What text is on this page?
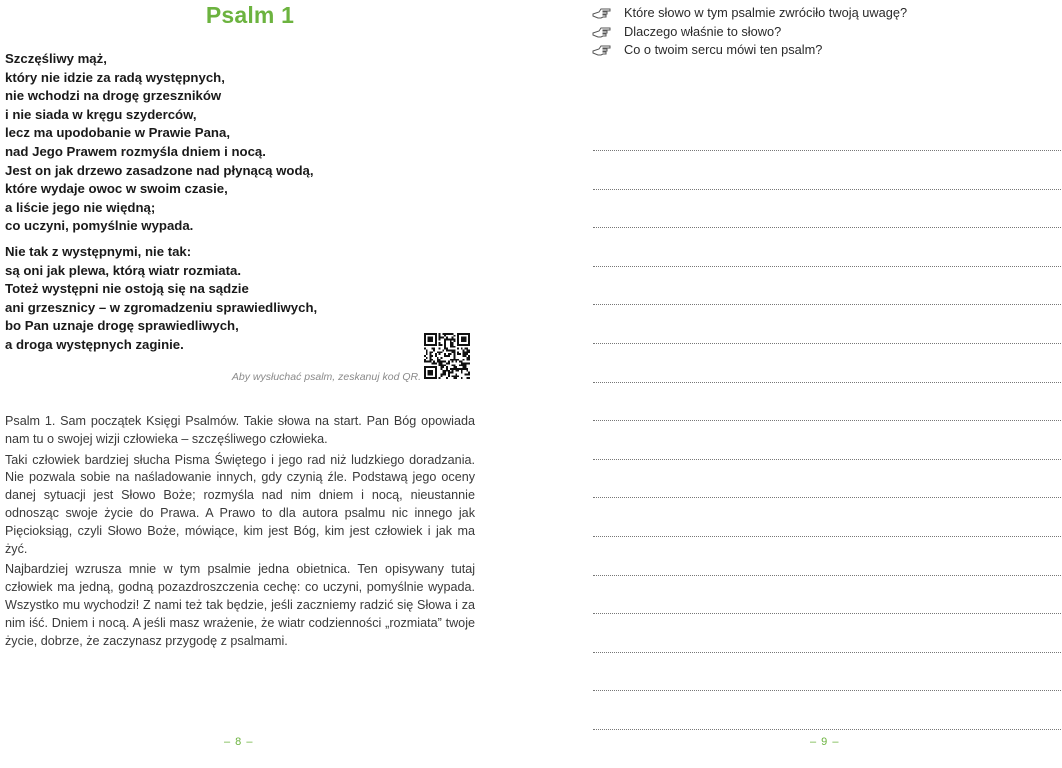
Psalm 1
Szczęśliwy mąż,
który nie idzie za radą występnych,
nie wchodzi na drogę grzeszników
i nie siada w kręgu szyderców,
lecz ma upodobanie w Prawie Pana,
nad Jego Prawem rozmyśla dniem i nocą.
Jest on jak drzewo zasadzone nad płynącą wodą,
które wydaje owoc w swoim czasie,
a liście jego nie więdną;
co uczyni, pomyślnie wypada.
Nie tak z występnymi, nie tak:
są oni jak plewa, którą wiatr rozmiata.
Toteż występni nie ostoją się na sądzie
ani grzesznicy – w zgromadzeniu sprawiedliwych,
bo Pan uznaje drogę sprawiedliwych,
a droga występnych zaginie.
Aby wysłuchać psalm, zeskanuj kod QR.

Psalm 1. Sam początek Księgi Psalmów. Takie słowa na start. Pan Bóg opowiada nam tu o swojej wizji człowieka – szczęśliwego człowieka.

Taki człowiek bardziej słucha Pisma Świętego i jego rad niż ludzkiego doradzania. Nie pozwala sobie na naśladowanie innych, gdy czynią źle. Podstawą jego oceny danej sytuacji jest Słowo Boże; rozmyśla nad nim dniem i nocą, nieustannie odnosząc swoje życie do Prawa. A Prawo to dla autora psalmu nic innego jak Pięcioksiąg, czyli Słowo Boże, mówiące, kim jest Bóg, kim jest człowiek i jak ma żyć.

Najbardziej wzrusza mnie w tym psalmie jedna obietnica. Ten opisywany tutaj człowiek ma jedną, godną pozazdroszczenia cechę: co uczyni, pomyślnie wypada. Wszystko mu wychodzi! Z nami też tak będzie, jeśli zaczniemy radzić się Słowa i za nim iść. Dniem i nocą. A jeśli masz wrażenie, że wiatr codzienności „rozmiata” twoje życie, dobrze, że zaczynasz przygodę z psalmami.

– 8 –
Które słowo w tym psalmie zwróciło twoją uwagę?
Dlaczego właśnie to słowo?
Co o twoim sercu mówi ten psalm?
– 9 –
